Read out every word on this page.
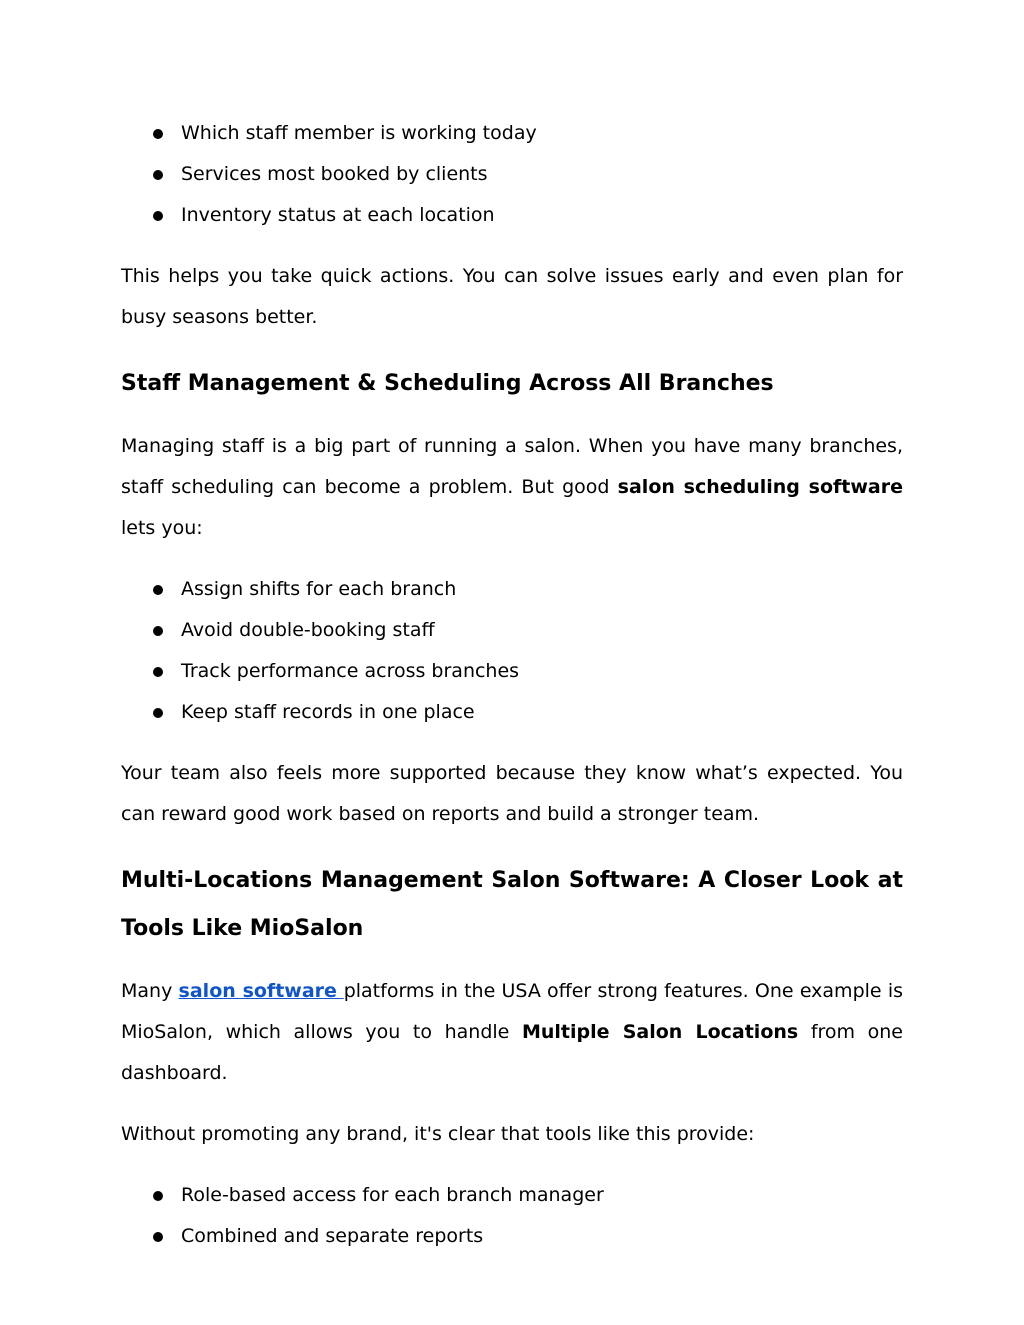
Which staff member is working today
Services most booked by clients
Inventory status at each location

This helps you take quick actions. You can solve issues early and even plan for busy seasons better.

Staff Management & Scheduling Across All Branches

Managing staff is a big part of running a salon. When you have many branches, staff scheduling can become a problem. But good salon scheduling software lets you:

Assign shifts for each branch
Avoid double-booking staff
Track performance across branches
Keep staff records in one place

Your team also feels more supported because they know what’s expected. You can reward good work based on reports and build a stronger team.

Multi-Locations Management Salon Software: A Closer Look at Tools Like MioSalon

Many salon software platforms in the USA offer strong features. One example is MioSalon, which allows you to handle Multiple Salon Locations from one dashboard.

Without promoting any brand, it's clear that tools like this provide:

Role-based access for each branch manager
Combined and separate reports
